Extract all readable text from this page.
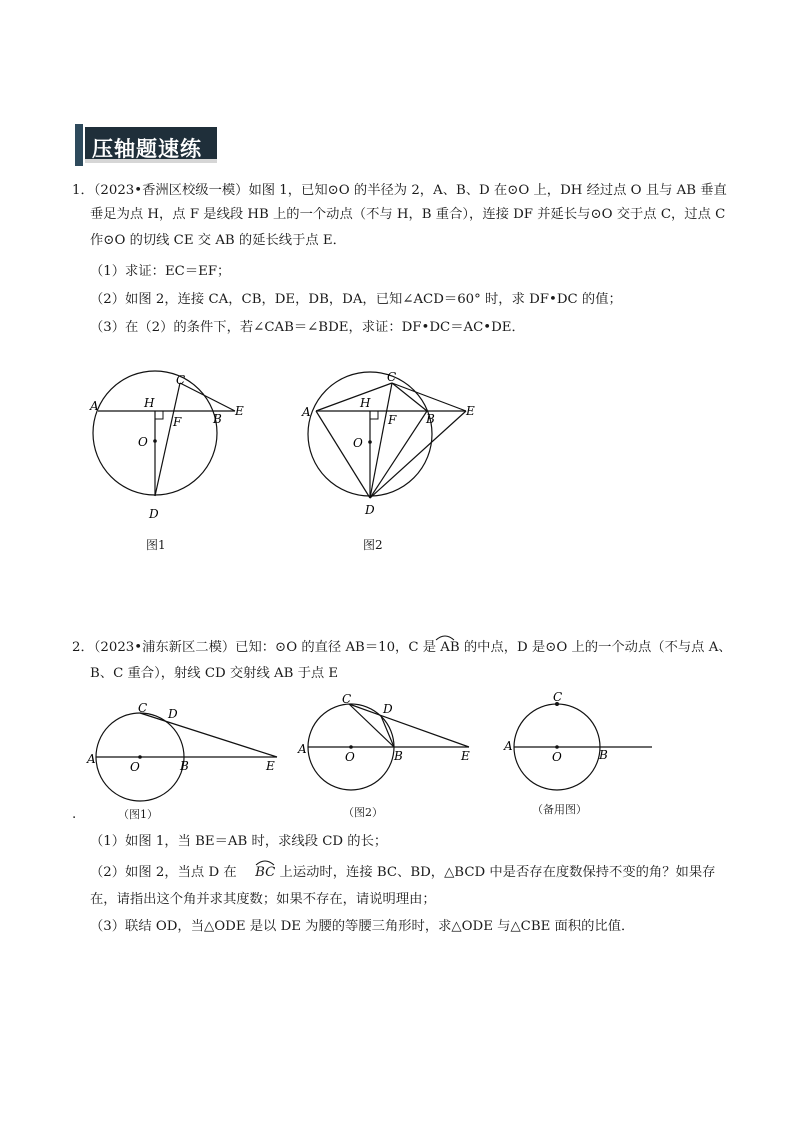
压轴题速练
1．（2023•香洲区校级一模）如图 1，已知⊙O 的半径为 2，A、B、D 在⊙O 上，DH 经过点 O 且与 AB 垂直
垂足为点 H，点 F 是线段 HB 上的一个动点（不与 H，B 重合），连接 DF 并延长与⊙O 交于点 C，过点 C
作⊙O 的切线 CE 交 AB 的延长线于点 E．
（1）求证：EC＝EF；
（2）如图 2，连接 CA，CB，DE，DB，DA，已知∠ACD＝60° 时，求 DF•DC 的值；
（3）在（2）的条件下，若∠CAB＝∠BDE，求证：DF•DC＝AC•DE．
A	H
C
E
F	B
O
D
图1
A
H
C
E
F B
O
D
图2
2．（2023•浦东新区二模）已知：⊙O 的直径 AB＝10，C 是 AB 的中点，D 是⊙O 上的一个动点（不与点 A、
B、C 重合），射线 CD 交射线 AB 于点 E
A
C D
O	B	E
（图1）
A
C
D
O	B	E
（图2）
A
C
O	B
（备用图）
.
（1）如图 1，当 BE＝AB 时，求线段 CD 的长；
（2）如图 2，当点 D 在 BC 上运动时，连接 BC、BD，△BCD 中是否存在度数保持不变的角？如果存
在，请指出这个角并求其度数；如果不存在，请说明理由；
（3）联结 OD，当△ODE 是以 DE 为腰的等腰三角形时，求△ODE 与△CBE 面积的比值．
